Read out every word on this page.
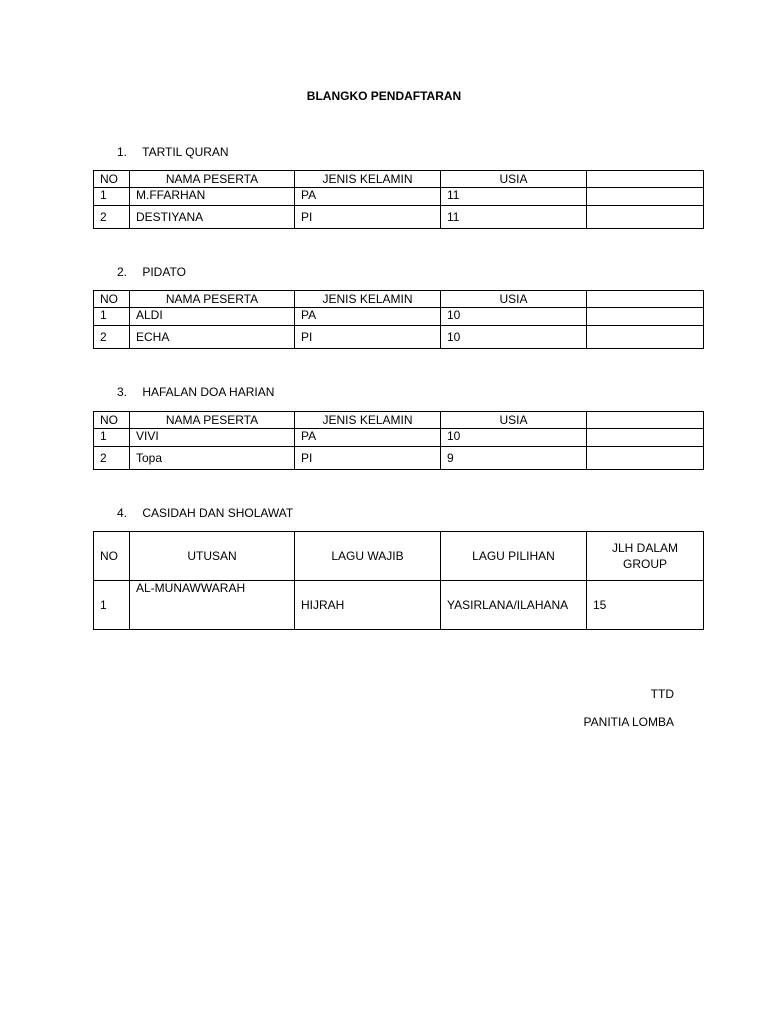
BLANGKO PENDAFTARAN
1. TARTIL QURAN
NO	NAMA PESERTA	JENIS KELAMIN	USIA	
1	M.FFARHAN	PA	11	
2	DESTIYANA	PI	11	
2. PIDATO
NO	NAMA PESERTA	JENIS KELAMIN	USIA	
1	ALDI	PA	10	
2	ECHA	PI	10	
3. HAFALAN DOA HARIAN
NO	NAMA PESERTA	JENIS KELAMIN	USIA	
1	VIVI	PA	10	
2	Topa	PI	9	
4. CASIDAH DAN SHOLAWAT
NO	UTUSAN	LAGU WAJIB	LAGU PILIHAN	JLH DALAM GROUP
1	AL-MUNAWWARAH	HIJRAH	YASIRLANA/ILAHANA	15
TTD
PANITIA LOMBA
